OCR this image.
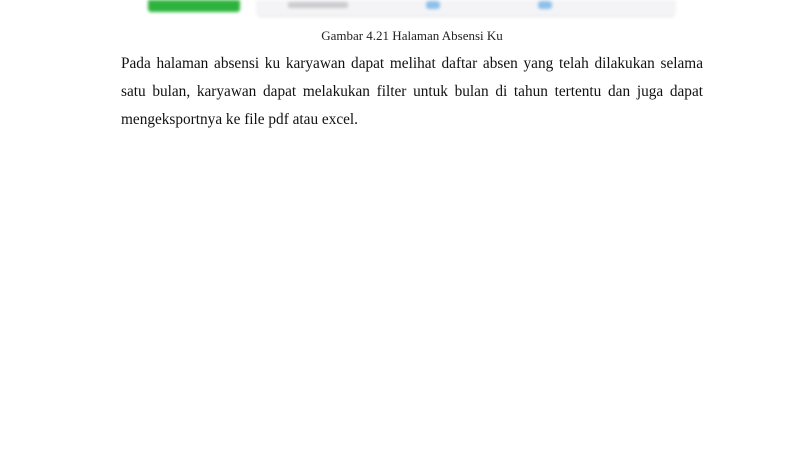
Gambar 4.21 Halaman Absensi Ku

Pada halaman absensi ku karyawan dapat melihat daftar absen yang telah dilakukan selama satu bulan, karyawan dapat melakukan filter untuk bulan di tahun tertentu dan juga dapat mengeksportnya ke file pdf atau excel.
